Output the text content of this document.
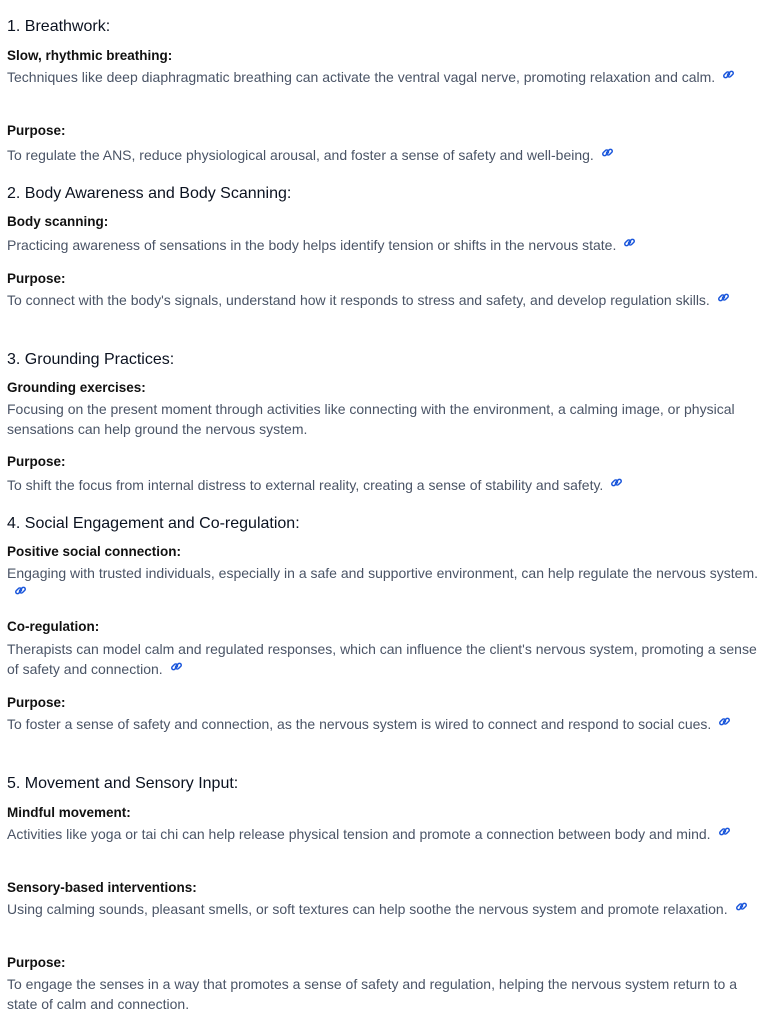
1. Breathwork:
Slow, rhythmic breathing:
Techniques like deep diaphragmatic breathing can activate the ventral vagal nerve, promoting relaxation and calm.
Purpose:
To regulate the ANS, reduce physiological arousal, and foster a sense of safety and well-being.
2. Body Awareness and Body Scanning:
Body scanning:
Practicing awareness of sensations in the body helps identify tension or shifts in the nervous state.
Purpose:
To connect with the body's signals, understand how it responds to stress and safety, and develop regulation skills.
3. Grounding Practices:
Grounding exercises:
Focusing on the present moment through activities like connecting with the environment, a calming image, or physical sensations can help ground the nervous system.
Purpose:
To shift the focus from internal distress to external reality, creating a sense of stability and safety.
4. Social Engagement and Co-regulation:
Positive social connection:
Engaging with trusted individuals, especially in a safe and supportive environment, can help regulate the nervous system.
Co-regulation:
Therapists can model calm and regulated responses, which can influence the client's nervous system, promoting a sense of safety and connection.
Purpose:
To foster a sense of safety and connection, as the nervous system is wired to connect and respond to social cues.
5. Movement and Sensory Input:
Mindful movement:
Activities like yoga or tai chi can help release physical tension and promote a connection between body and mind.
Sensory-based interventions:
Using calming sounds, pleasant smells, or soft textures can help soothe the nervous system and promote relaxation.
Purpose:
To engage the senses in a way that promotes a sense of safety and regulation, helping the nervous system return to a state of calm and connection.
